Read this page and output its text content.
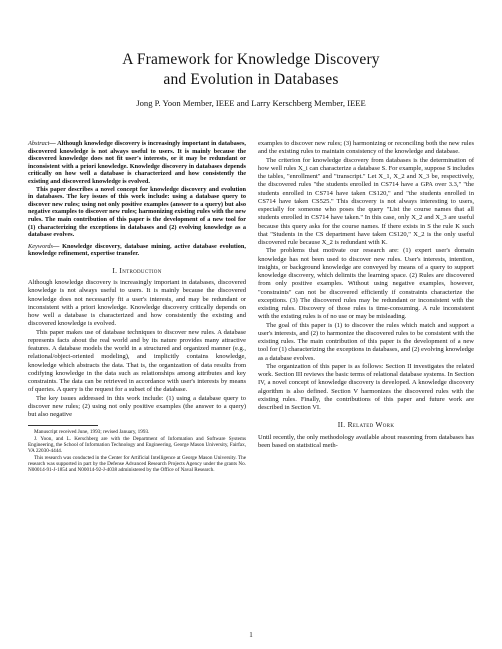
A Framework for Knowledge Discovery
and Evolution in Databases
Jong P. Yoon Member, IEEE and Larry Kerschberg Member, IEEE

Abstract— Although knowledge discovery is increasingly important in databases, discovered knowledge is not always useful to users. It is mainly because the discovered knowledge does not fit user's interests, or it may be redundant or inconsistent with a priori knowledge. Knowledge discovery in databases depends critically on how well a database is characterized and how consistently the existing and discovered knowledge is evolved.

This paper describes a novel concept for knowledge discovery and evolution in databases. The key issues of this work include: using a database query to discover new rules; using not only positive examples (answer to a query) but also negative examples to discover new rules; harmonizing existing rules with the new rules. The main contribution of this paper is the development of a new tool for (1) characterizing the exceptions in databases and (2) evolving knowledge as a database evolves.

Keywords— Knowledge discovery, database mining, active database evolution, knowledge refinement, expertise transfer.

I. Introduction

Although knowledge discovery is increasingly important in databases, discovered knowledge is not always useful to users. It is mainly because the discovered knowledge does not necessarily fit a user's interests, and may be redundant or inconsistent with a priori knowledge. Knowledge discovery critically depends on how well a database is characterized and how consistently the existing and discovered knowledge is evolved.

This paper makes use of database techniques to discover new rules. A database represents facts about the real world and by its nature provides many attractive features. A database models the world in a structured and organized manner (e.g., relational/object-oriented modeling), and implicitly contains knowledge, knowledge which abstracts the data. That is, the organization of data results from codifying knowledge in the data such as relationships among attributes and key constraints. The data can be retrieved in accordance with user's interests by means of queries. A query is the request for a subset of the database.

The key issues addressed in this work include: (1) using a database query to discover new rules; (2) using not only positive examples (the answer to a query) but also negative

Manuscript received June, 1993; revised January, 1993.

J. Yoon, and L. Kerschberg are with the Department of Information and Software Systems Engineering, the School of Information Technology and Engineering, George Mason University, Fairfax, VA 22030-4444.

This research was conducted in the Center for Artificial Intelligence at George Mason University. The research was supported in part by the Defense Advanced Research Projects Agency under the grants No. N00014-91-J-1854 and N00014-92-J-4038 administered by the Office of Naval Research.

examples to discover new rules; (3) harmonizing or reconciling both the new rules and the existing rules to maintain consistency of the knowledge and database.

The criterion for knowledge discovery from databases is the determination of how well rules X_i can characterize a database S. For example, suppose S includes the tables, "enrollment" and "transcript." Let X_1, X_2 and X_3 be, respectively, the discovered rules "the students enrolled in CS714 have a GPA over 3.3," "the students enrolled in CS714 have taken CS120," and "the students enrolled in CS714 have taken CS525." This discovery is not always interesting to users, especially for someone who poses the query "List the course names that all students enrolled in CS714 have taken." In this case, only X_2 and X_3 are useful because this query asks for the course names. If there exists in S the rule K such that "Students in the CS department have taken CS120," X_2 is the only useful discovered rule because X_2 is redundant with K.

The problems that motivate our research are: (1) expert user's domain knowledge has not been used to discover new rules. User's interests, intention, insights, or background knowledge are conveyed by means of a query to support knowledge discovery, which delimits the learning space. (2) Rules are discovered from only positive examples. Without using negative examples, however, "constraints" can not be discovered efficiently if constraints characterize the exceptions. (3) The discovered rules may be redundant or inconsistent with the existing rules. Discovery of those rules is time-consuming. A rule inconsistent with the existing rules is of no use or may be misleading.

The goal of this paper is (1) to discover the rules which match and support a user's interests, and (2) to harmonize the discovered rules to be consistent with the existing rules. The main contribution of this paper is the development of a new tool for (1) characterizing the exceptions in databases, and (2) evolving knowledge as a database evolves.

The organization of this paper is as follows: Section II investigates the related work. Section III reviews the basic terms of relational database systems. In Section IV, a novel concept of knowledge discovery is developed. A knowledge discovery algorithm is also defined. Section V harmonizes the discovered rules with the existing rules. Finally, the contributions of this paper and future work are described in Section VI.

II. Related Work

Until recently, the only methodology available about reasoning from databases has been based on statistical meth-

1
